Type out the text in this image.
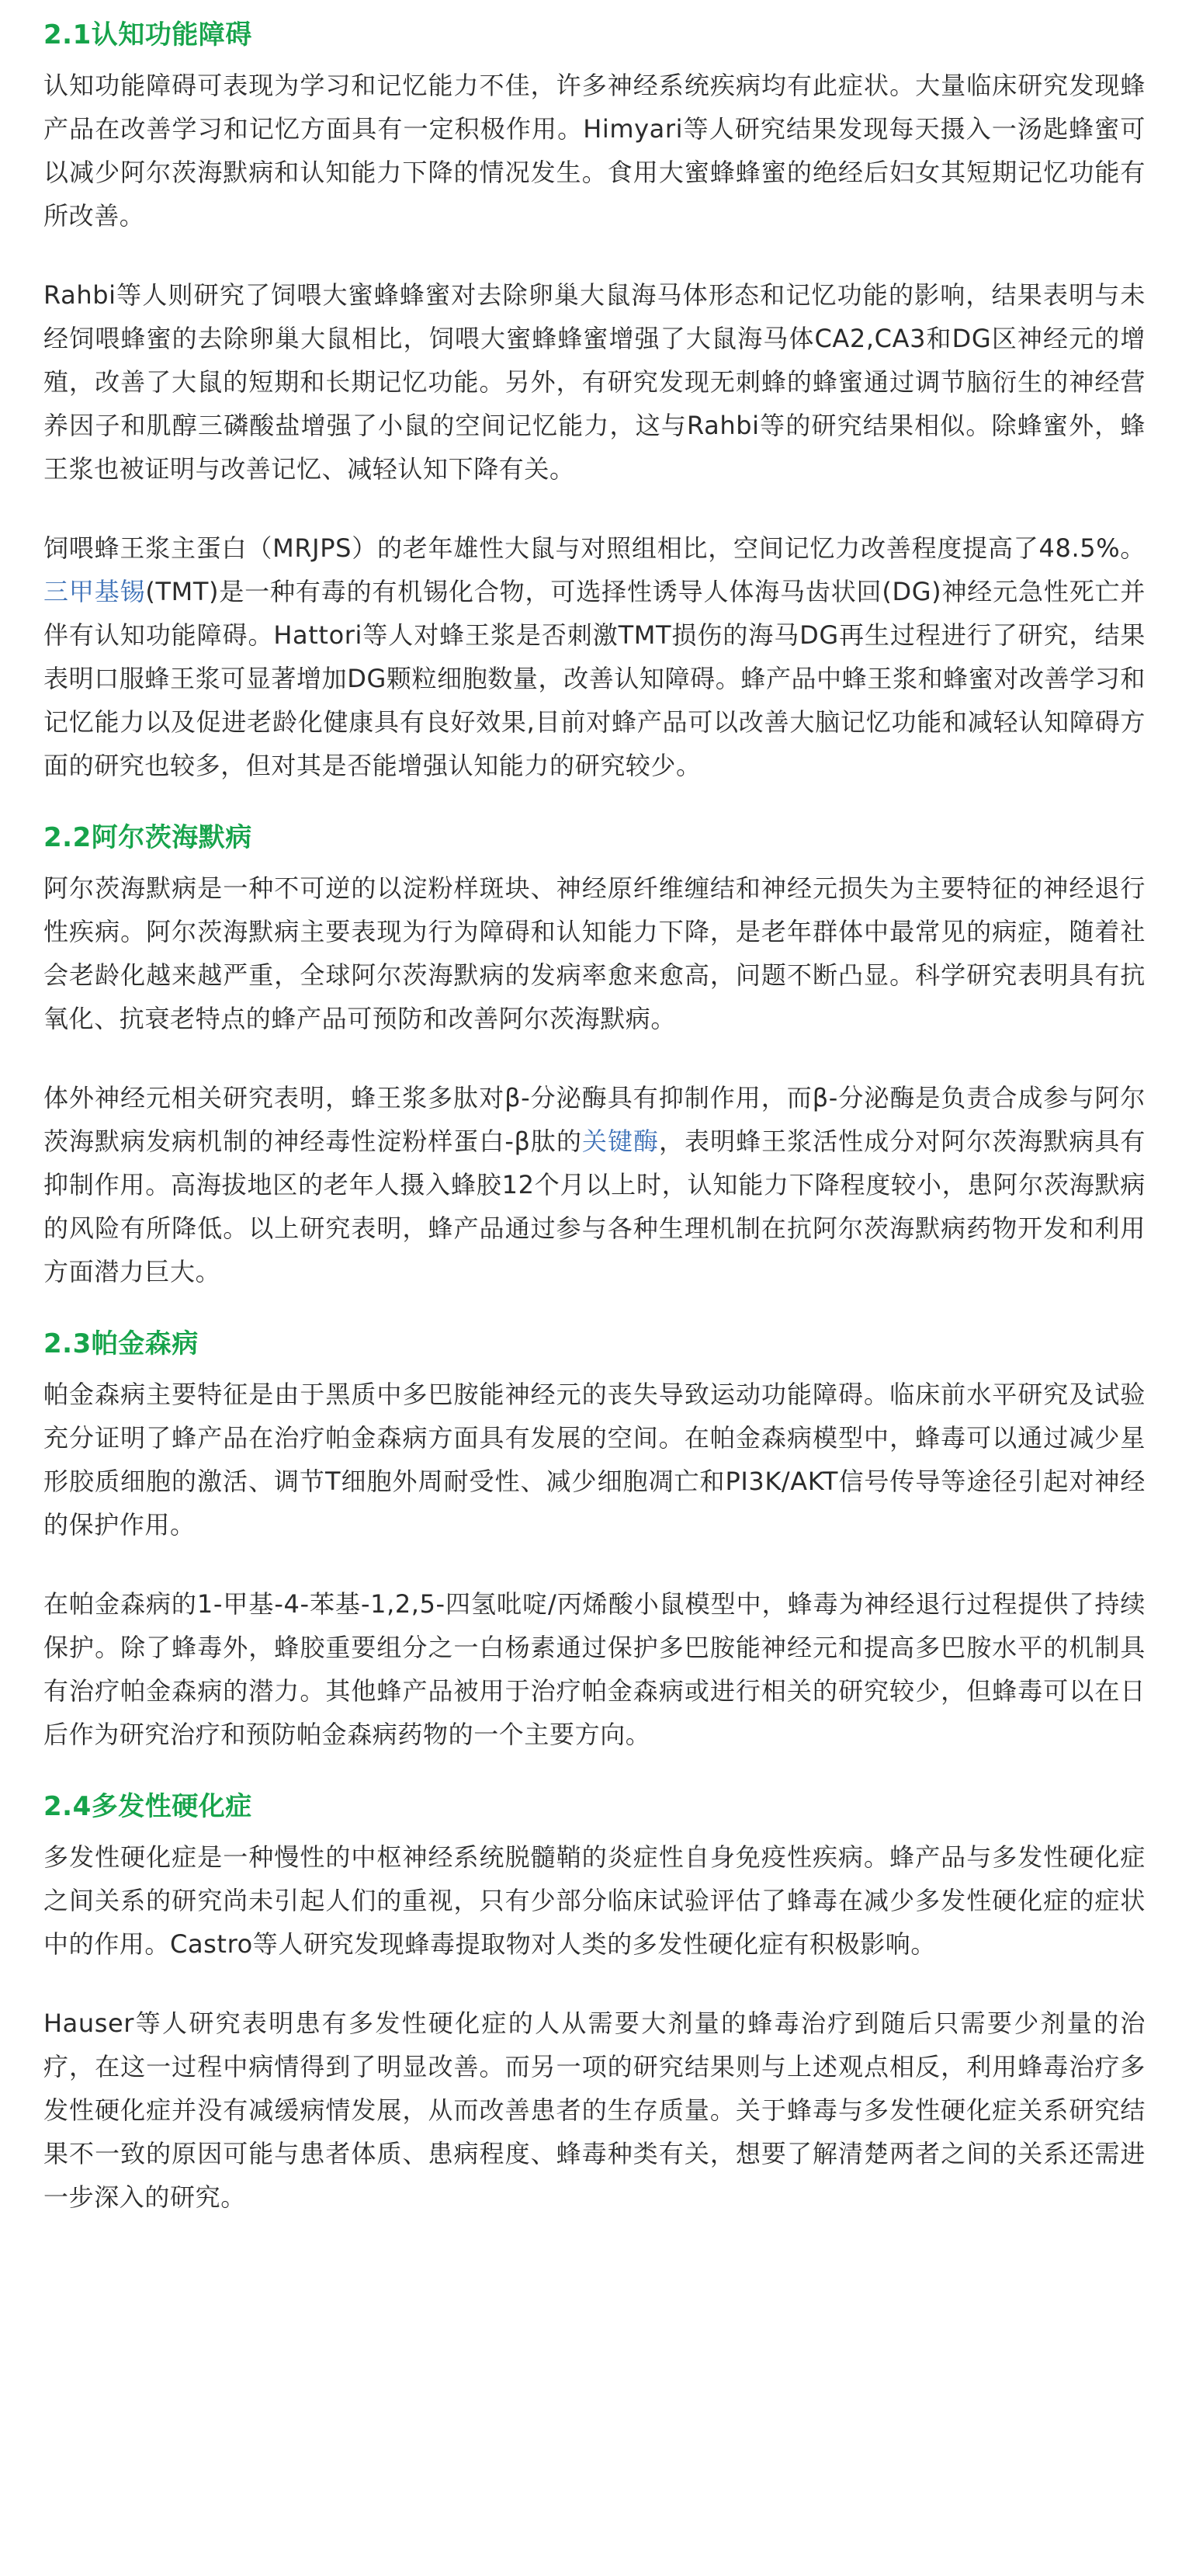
2.1认知功能障碍

认知功能障碍可表现为学习和记忆能力不佳，许多神经系统疾病均有此症状。大量临床研究发现蜂产品在改善学习和记忆方面具有一定积极作用。Himyari等人研究结果发现每天摄入一汤匙蜂蜜可以减少阿尔茨海默病和认知能力下降的情况发生。食用大蜜蜂蜂蜜的绝经后妇女其短期记忆功能有所改善。

Rahbi等人则研究了饲喂大蜜蜂蜂蜜对去除卵巢大鼠海马体形态和记忆功能的影响，结果表明与未经饲喂蜂蜜的去除卵巢大鼠相比，饲喂大蜜蜂蜂蜜增强了大鼠海马体CA2,CA3和DG区神经元的增殖，改善了大鼠的短期和长期记忆功能。另外，有研究发现无刺蜂的蜂蜜通过调节脑衍生的神经营养因子和肌醇三磷酸盐增强了小鼠的空间记忆能力，这与Rahbi等的研究结果相似。除蜂蜜外，蜂王浆也被证明与改善记忆、减轻认知下降有关。

饲喂蜂王浆主蛋白（MRJPS）的老年雄性大鼠与对照组相比，空间记忆力改善程度提高了48.5%。三甲基锡(TMT)是一种有毒的有机锡化合物，可选择性诱导人体海马齿状回(DG)神经元急性死亡并伴有认知功能障碍。Hattori等人对蜂王浆是否刺激TMT损伤的海马DG再生过程进行了研究，结果表明口服蜂王浆可显著增加DG颗粒细胞数量，改善认知障碍。蜂产品中蜂王浆和蜂蜜对改善学习和记忆能力以及促进老龄化健康具有良好效果,目前对蜂产品可以改善大脑记忆功能和减轻认知障碍方面的研究也较多，但对其是否能增强认知能力的研究较少。

2.2阿尔茨海默病

阿尔茨海默病是一种不可逆的以淀粉样斑块、神经原纤维缠结和神经元损失为主要特征的神经退行性疾病。阿尔茨海默病主要表现为行为障碍和认知能力下降，是老年群体中最常见的病症，随着社会老龄化越来越严重，全球阿尔茨海默病的发病率愈来愈高，问题不断凸显。科学研究表明具有抗氧化、抗衰老特点的蜂产品可预防和改善阿尔茨海默病。

体外神经元相关研究表明，蜂王浆多肽对β-分泌酶具有抑制作用，而β-分泌酶是负责合成参与阿尔茨海默病发病机制的神经毒性淀粉样蛋白-β肽的关键酶，表明蜂王浆活性成分对阿尔茨海默病具有抑制作用。高海拔地区的老年人摄入蜂胶12个月以上时，认知能力下降程度较小，患阿尔茨海默病的风险有所降低。以上研究表明，蜂产品通过参与各种生理机制在抗阿尔茨海默病药物开发和利用方面潜力巨大。

2.3帕金森病

帕金森病主要特征是由于黑质中多巴胺能神经元的丧失导致运动功能障碍。临床前水平研究及试验充分证明了蜂产品在治疗帕金森病方面具有发展的空间。在帕金森病模型中，蜂毒可以通过减少星形胶质细胞的激活、调节T细胞外周耐受性、减少细胞凋亡和PI3K/AKT信号传导等途径引起对神经的保护作用。

在帕金森病的1-甲基-4-苯基-1,2,5-四氢吡啶/丙烯酸小鼠模型中，蜂毒为神经退行过程提供了持续保护。除了蜂毒外，蜂胶重要组分之一白杨素通过保护多巴胺能神经元和提高多巴胺水平的机制具有治疗帕金森病的潜力。其他蜂产品被用于治疗帕金森病或进行相关的研究较少，但蜂毒可以在日后作为研究治疗和预防帕金森病药物的一个主要方向。

2.4多发性硬化症

多发性硬化症是一种慢性的中枢神经系统脱髓鞘的炎症性自身免疫性疾病。蜂产品与多发性硬化症之间关系的研究尚未引起人们的重视，只有少部分临床试验评估了蜂毒在减少多发性硬化症的症状中的作用。Castro等人研究发现蜂毒提取物对人类的多发性硬化症有积极影响。

Hauser等人研究表明患有多发性硬化症的人从需要大剂量的蜂毒治疗到随后只需要少剂量的治疗，在这一过程中病情得到了明显改善。而另一项的研究结果则与上述观点相反，利用蜂毒治疗多发性硬化症并没有减缓病情发展，从而改善患者的生存质量。关于蜂毒与多发性硬化症关系研究结果不一致的原因可能与患者体质、患病程度、蜂毒种类有关，想要了解清楚两者之间的关系还需进一步深入的研究。
